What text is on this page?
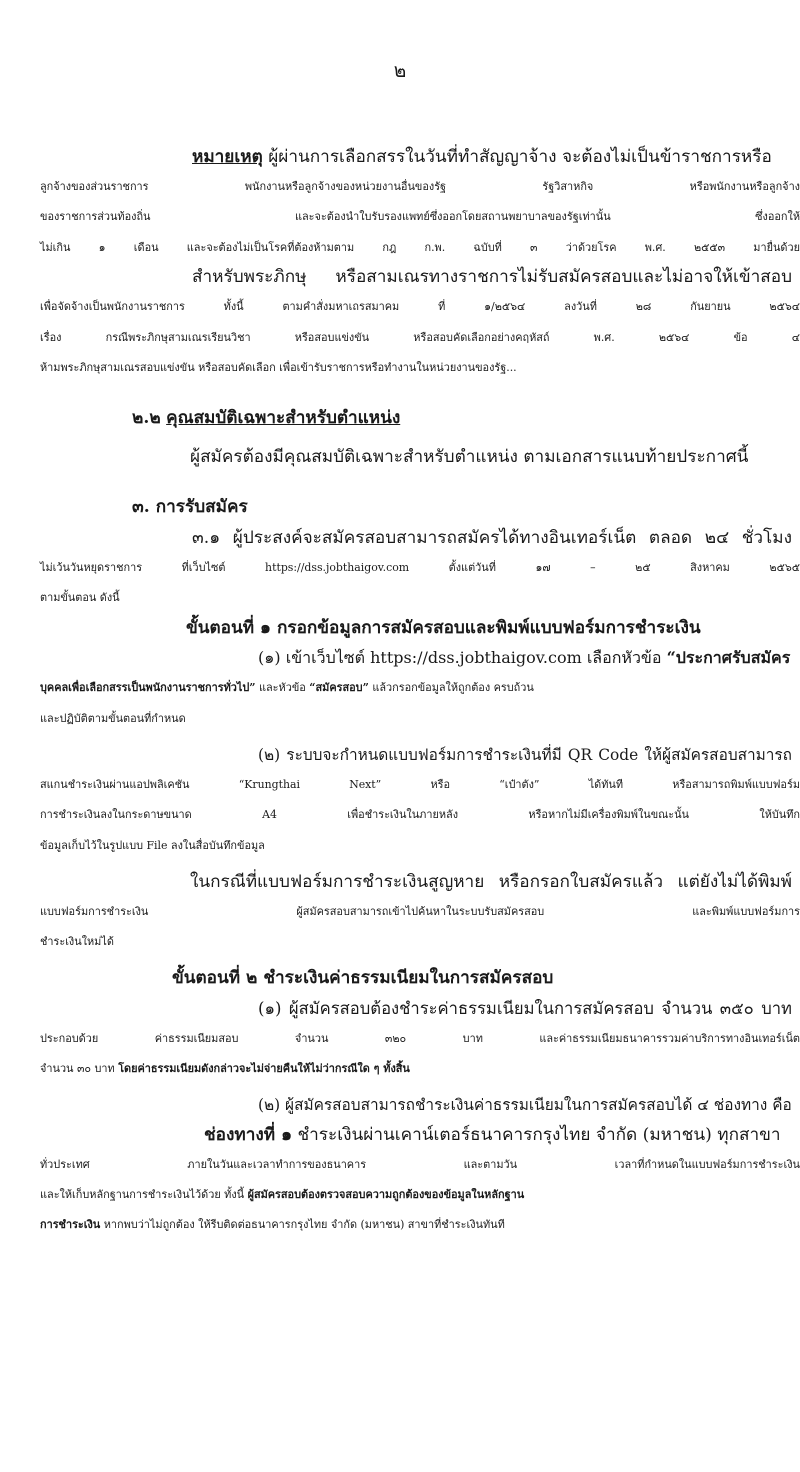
๒
หมายเหตุ ผู้ผ่านการเลือกสรรในวันที่ทำสัญญาจ้าง จะต้องไม่เป็นข้าราชการหรือ
ลูกจ้างของส่วนราชการ พนักงานหรือลูกจ้างของหน่วยงานอื่นของรัฐ รัฐวิสาหกิจ หรือพนักงานหรือลูกจ้าง
ของราชการส่วนท้องถิ่น และจะต้องนำใบรับรองแพทย์ซึ่งออกโดยสถานพยาบาลของรัฐเท่านั้น ซึ่งออกให้
ไม่เกิน ๑ เดือน และจะต้องไม่เป็นโรคที่ต้องห้ามตาม กฎ ก.พ. ฉบับที่ ๓ ว่าด้วยโรค พ.ศ. ๒๕๕๓ มายื่นด้วย
สำหรับพระภิกษุ หรือสามเณรทางราชการไม่รับสมัครสอบและไม่อาจให้เข้าสอบ
เพื่อจัดจ้างเป็นพนักงานราชการ ทั้งนี้ ตามคำสั่งมหาเถรสมาคม ที่ ๑/๒๕๖๔ ลงวันที่ ๒๘ กันยายน ๒๕๖๔
เรื่อง กรณีพระภิกษุสามเณรเรียนวิชา หรือสอบแข่งขัน หรือสอบคัดเลือกอย่างคฤหัสถ์ พ.ศ. ๒๕๖๔ ข้อ ๔
ห้ามพระภิกษุสามเณรสอบแข่งขัน หรือสอบคัดเลือก เพื่อเข้ารับราชการหรือทำงานในหน่วยงานของรัฐ...
๒.๒ คุณสมบัติเฉพาะสำหรับตำแหน่ง
ผู้สมัครต้องมีคุณสมบัติเฉพาะสำหรับตำแหน่ง ตามเอกสารแนบท้ายประกาศนี้
๓. การรับสมัคร
๓.๑ ผู้ประสงค์จะสมัครสอบสามารถสมัครได้ทางอินเทอร์เน็ต ตลอด ๒๔ ชั่วโมง
ไม่เว้นวันหยุดราชการ ที่เว็บไซต์ https://dss.jobthaigov.com ตั้งแต่วันที่ ๑๗ – ๒๕ สิงหาคม ๒๕๖๕
ตามขั้นตอน ดังนี้
ขั้นตอนที่ ๑ กรอกข้อมูลการสมัครสอบและพิมพ์แบบฟอร์มการชำระเงิน
(๑) เข้าเว็บไซต์ https://dss.jobthaigov.com เลือกหัวข้อ “ประกาศรับสมัคร
บุคคลเพื่อเลือกสรรเป็นพนักงานราชการทั่วไป” และหัวข้อ “สมัครสอบ” แล้วกรอกข้อมูลให้ถูกต้อง ครบถ้วน
และปฏิบัติตามขั้นตอนที่กำหนด
(๒) ระบบจะกำหนดแบบฟอร์มการชำระเงินที่มี QR Code ให้ผู้สมัครสอบสามารถ
สแกนชำระเงินผ่านแอปพลิเคชัน “Krungthai Next” หรือ “เป๋าตัง” ได้ทันที หรือสามารถพิมพ์แบบฟอร์ม
การชำระเงินลงในกระดาษขนาด A4 เพื่อชำระเงินในภายหลัง หรือหากไม่มีเครื่องพิมพ์ในขณะนั้น ให้บันทึก
ข้อมูลเก็บไว้ในรูปแบบ File ลงในสื่อบันทึกข้อมูล
ในกรณีที่แบบฟอร์มการชำระเงินสูญหาย หรือกรอกใบสมัครแล้ว แต่ยังไม่ได้พิมพ์
แบบฟอร์มการชำระเงิน ผู้สมัครสอบสามารถเข้าไปค้นหาในระบบรับสมัครสอบ และพิมพ์แบบฟอร์มการ
ชำระเงินใหม่ได้
ขั้นตอนที่ ๒ ชำระเงินค่าธรรมเนียมในการสมัครสอบ
(๑) ผู้สมัครสอบต้องชำระค่าธรรมเนียมในการสมัครสอบ จำนวน ๓๕๐ บาท
ประกอบด้วย ค่าธรรมเนียมสอบ จำนวน ๓๒๐ บาท และค่าธรรมเนียมธนาคารรวมค่าบริการทางอินเทอร์เน็ต
จำนวน ๓๐ บาท โดยค่าธรรมเนียมดังกล่าวจะไม่จ่ายคืนให้ไม่ว่ากรณีใด ๆ ทั้งสิ้น
(๒) ผู้สมัครสอบสามารถชำระเงินค่าธรรมเนียมในการสมัครสอบได้ ๔ ช่องทาง คือ
ช่องทางที่ ๑ ชำระเงินผ่านเคาน์เตอร์ธนาคารกรุงไทย จำกัด (มหาชน) ทุกสาขา
ทั่วประเทศ ภายในวันและเวลาทำการของธนาคาร และตามวัน เวลาที่กำหนดในแบบฟอร์มการชำระเงิน
และให้เก็บหลักฐานการชำระเงินไว้ด้วย ทั้งนี้ ผู้สมัครสอบต้องตรวจสอบความถูกต้องของข้อมูลในหลักฐาน
การชำระเงิน หากพบว่าไม่ถูกต้อง ให้รีบติดต่อธนาคารกรุงไทย จำกัด (มหาชน) สาขาที่ชำระเงินทันที
